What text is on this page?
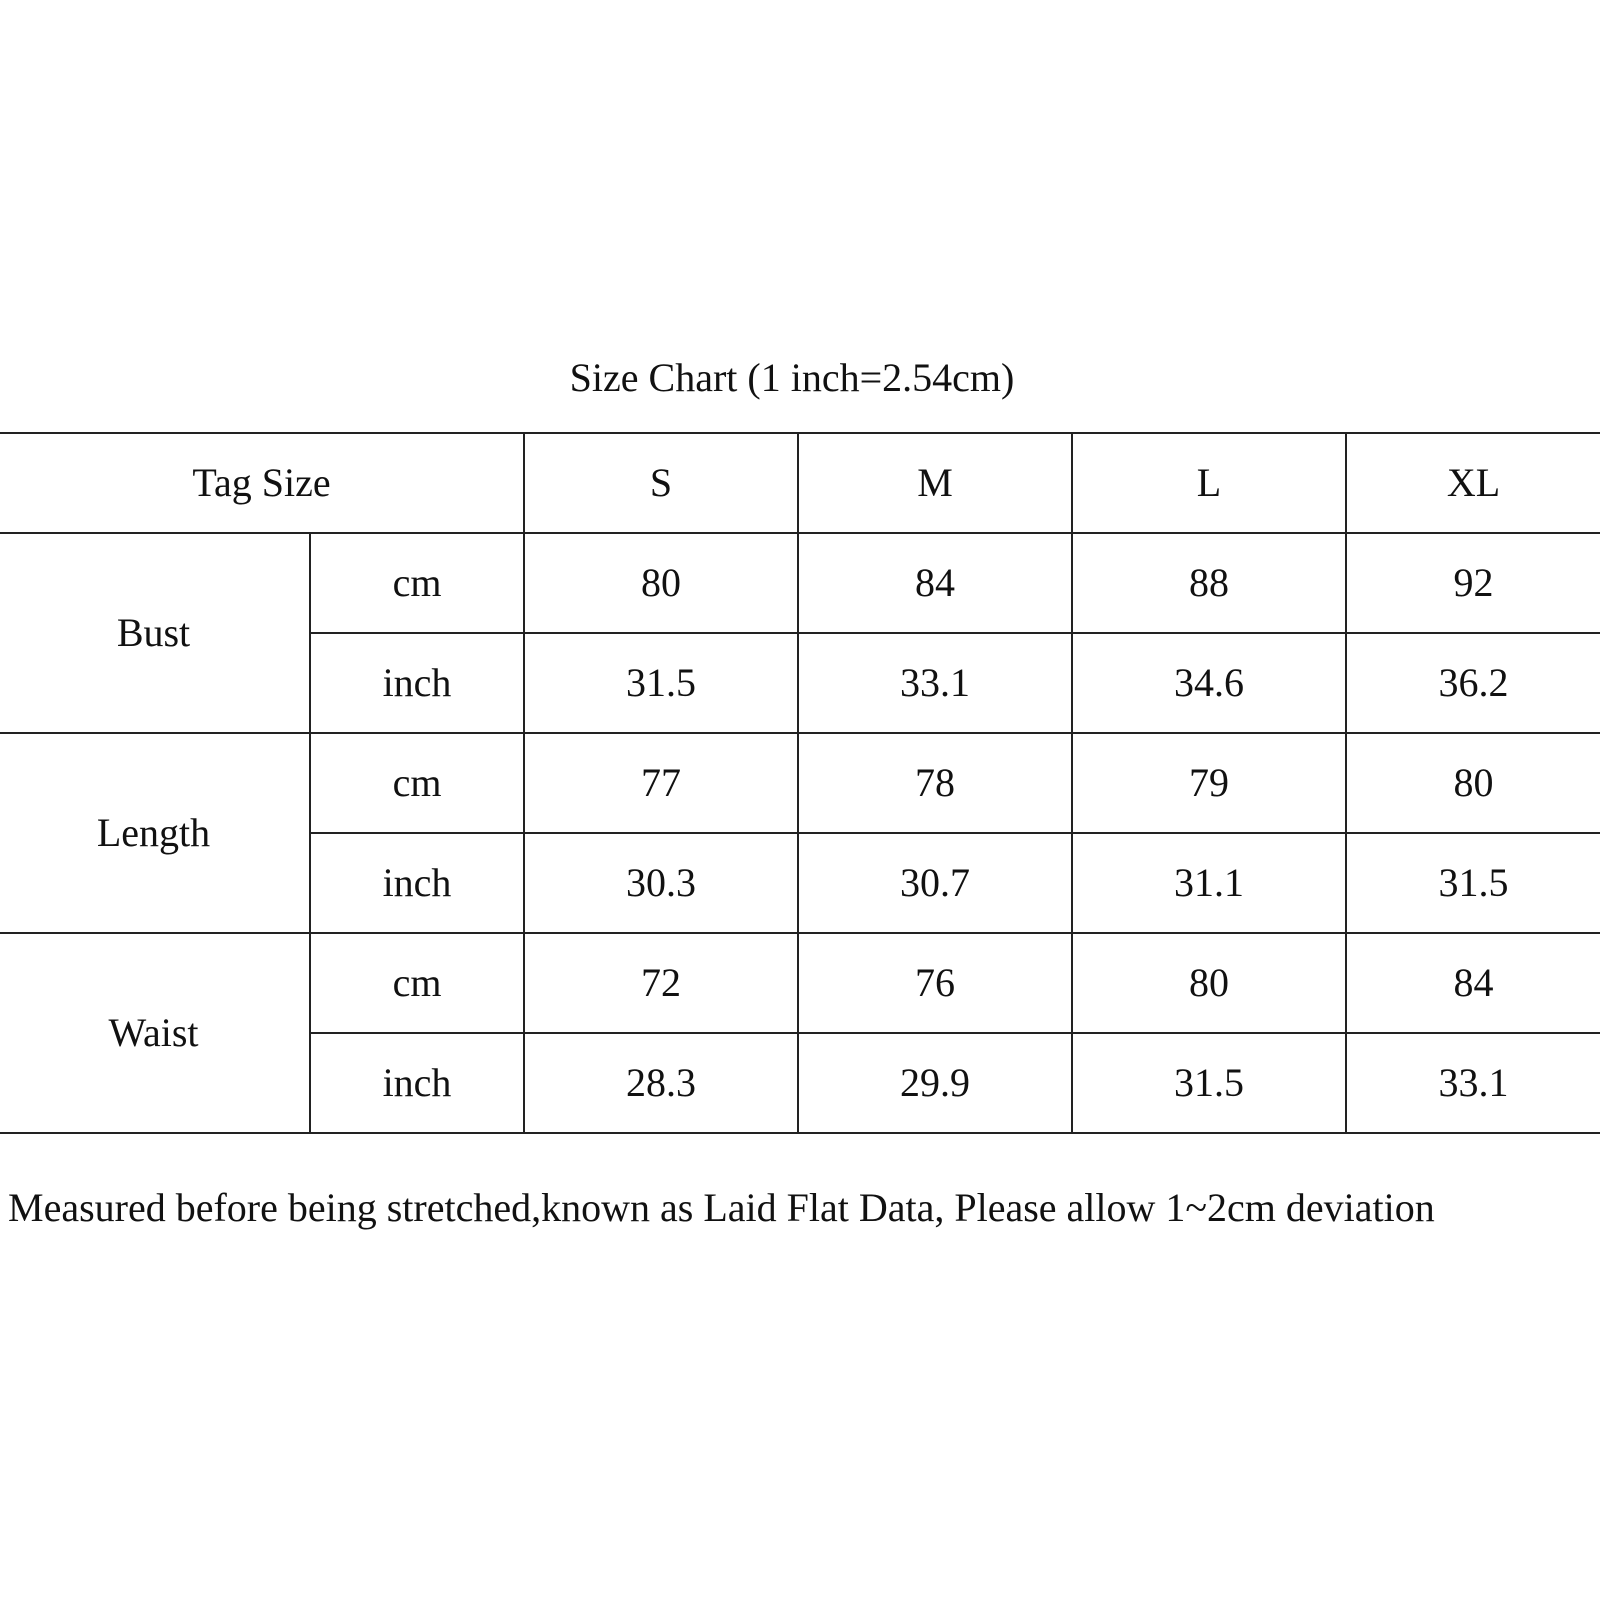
Size Chart (1 inch=2.54cm)
Tag Size		S	M	L	XL
Bust	cm	80	84	88	92
	inch	31.5	33.1	34.6	36.2
Length	cm	77	78	79	80
	inch	30.3	30.7	31.1	31.5
Waist	cm	72	76	80	84
	inch	28.3	29.9	31.5	33.1
Measured before being stretched,known as Laid Flat Data, Please allow 1~2cm deviation
